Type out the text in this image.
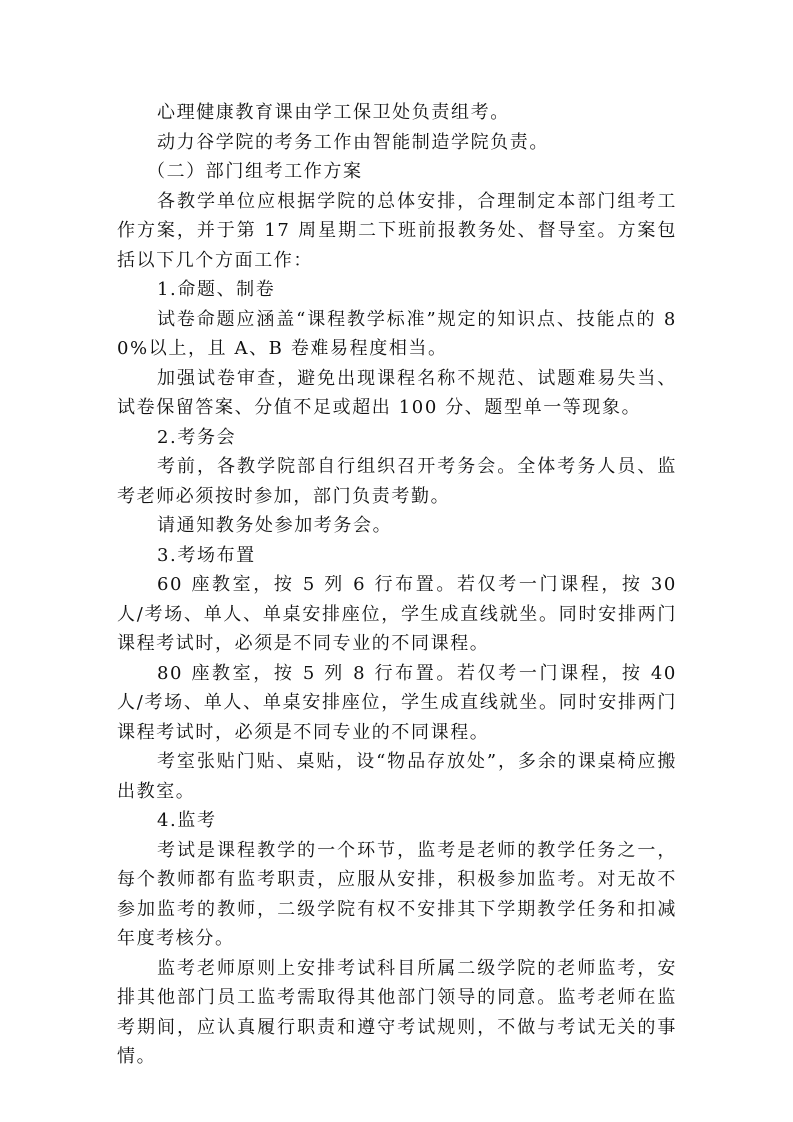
心理健康教育课由学工保卫处负责组考。

动力谷学院的考务工作由智能制造学院负责。

（二）部门组考工作方案

各教学单位应根据学院的总体安排，合理制定本部门组考工作方案，并于第 17 周星期二下班前报教务处、督导室。方案包括以下几个方面工作：

1.命题、制卷

试卷命题应涵盖“课程教学标准”规定的知识点、技能点的 80%以上，且 A、B 卷难易程度相当。

加强试卷审查，避免出现课程名称不规范、试题难易失当、试卷保留答案、分值不足或超出 100 分、题型单一等现象。

2.考务会

考前，各教学院部自行组织召开考务会。全体考务人员、监考老师必须按时参加，部门负责考勤。

请通知教务处参加考务会。

3.考场布置

60 座教室，按 5 列 6 行布置。若仅考一门课程，按 30 人/考场、单人、单桌安排座位，学生成直线就坐。同时安排两门课程考试时，必须是不同专业的不同课程。

80 座教室，按 5 列 8 行布置。若仅考一门课程，按 40 人/考场、单人、单桌安排座位，学生成直线就坐。同时安排两门课程考试时，必须是不同专业的不同课程。

考室张贴门贴、桌贴，设“物品存放处”，多余的课桌椅应搬出教室。

4.监考

考试是课程教学的一个环节，监考是老师的教学任务之一，每个教师都有监考职责，应服从安排，积极参加监考。对无故不参加监考的教师，二级学院有权不安排其下学期教学任务和扣减年度考核分。

监考老师原则上安排考试科目所属二级学院的老师监考，安排其他部门员工监考需取得其他部门领导的同意。监考老师在监考期间，应认真履行职责和遵守考试规则，不做与考试无关的事情。
